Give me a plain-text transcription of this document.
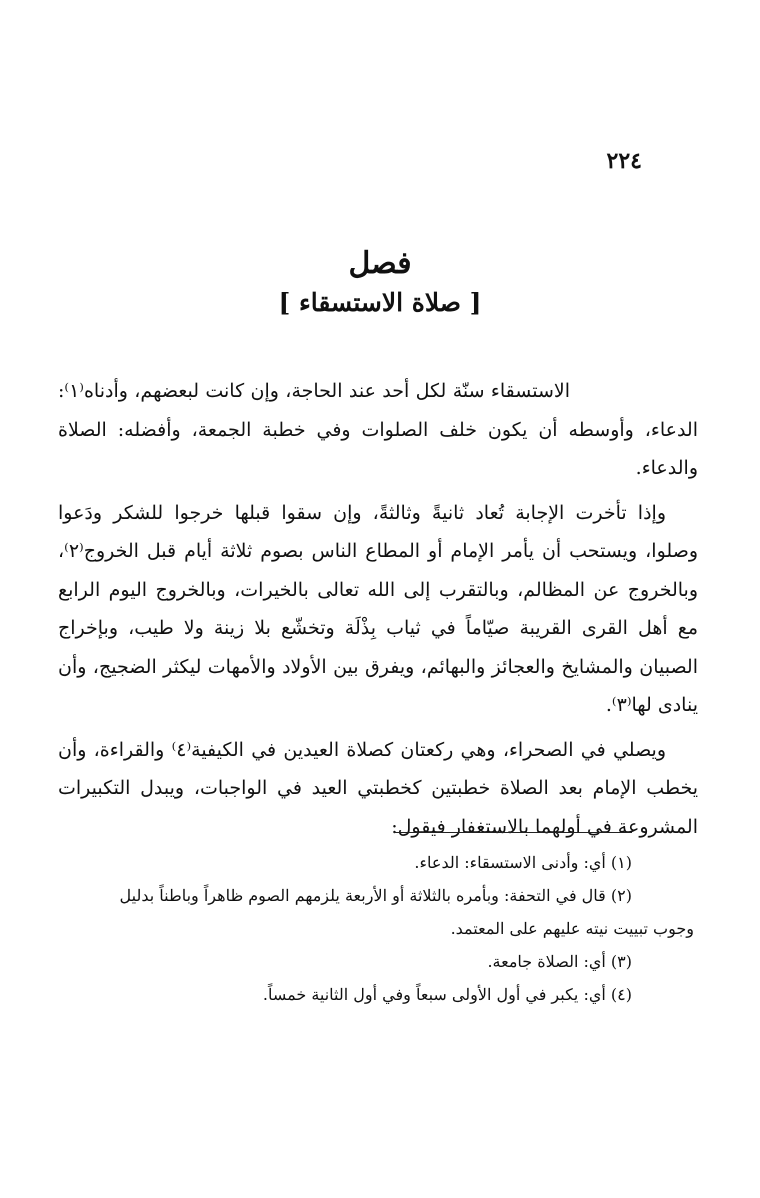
٢٢٤
فصل
[ صلاة الاستسقاء ]

الاستسقاء سنّة لكل أحد عند الحاجة، وإن كانت لبعضهم، وأدناه⁽١⁾: الدعاء، وأوسطه أن يكون خلف الصلوات وفي خطبة الجمعة، وأفضله: الصلاة والدعاء.

وإذا تأخرت الإجابة تُعاد ثانيةً وثالثةً، وإن سقوا قبلها خرجوا للشكر ودَعوا وصلوا، ويستحب أن يأمر الإمام أو المطاع الناس بصوم ثلاثة أيام قبل الخروج⁽٢⁾، وبالخروج عن المظالم، وبالتقرب إلى الله تعالى بالخيرات، وبالخروج اليوم الرابع مع أهل القرى القريبة صيّاماً في ثياب بِذْلَة وتخشّع بلا زينة ولا طيب، وبإخراج الصبيان والمشايخ والعجائز والبهائم، ويفرق بين الأولاد والأمهات ليكثر الضجيج، وأن ينادى لها⁽٣⁾.

ويصلي في الصحراء، وهي ركعتان كصلاة العيدين في الكيفية⁽٤⁾ والقراءة، وأن يخطب الإمام بعد الصلاة خطبتين كخطبتي العيد في الواجبات، ويبدل التكبيرات المشروعة في أولهما بالاستغفار فيقول:

(١) أي: وأدنى الاستسقاء: الدعاء.

(٢) قال في التحفة: وبأمره بالثلاثة أو الأربعة يلزمهم الصوم ظاهراً وباطناً بدليل وجوب تبييت نيته عليهم على المعتمد.

(٣) أي: الصلاة جامعة.

(٤) أي: يكبر في أول الأولى سبعاً وفي أول الثانية خمساً.
